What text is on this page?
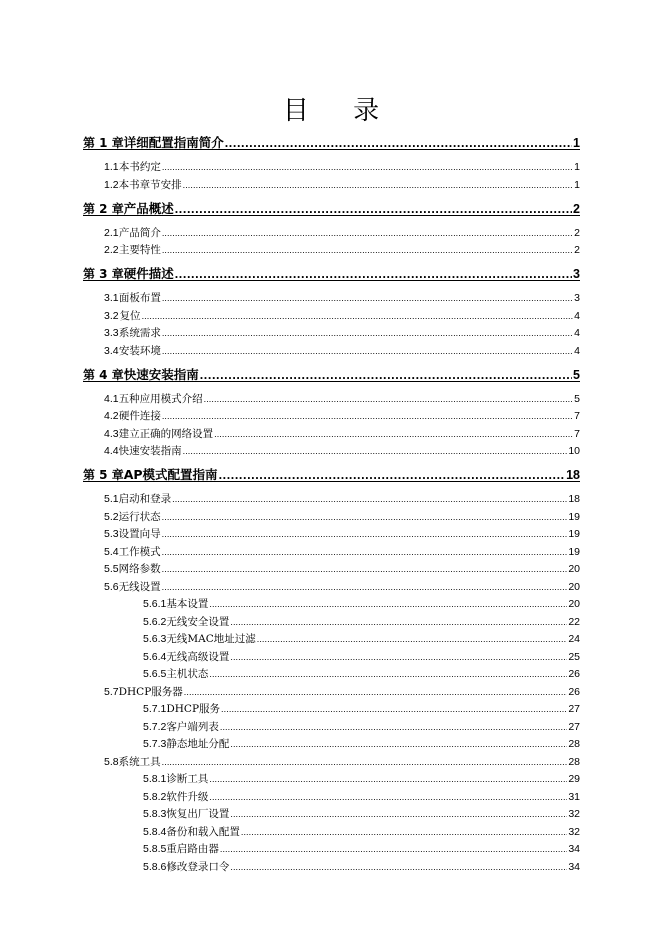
目 录
第 1 章 详细配置指南简介 .....	1
1.1 本书约定 .....	1
1.2 本书章节安排 .....	1
第 2 章 产品概述 .....	2
2.1 产品简介 .....	2
2.2 主要特性 .....	2
第 3 章 硬件描述 .....	3
3.1 面板布置 .....	3
3.2 复位 .....	4
3.3 系统需求 .....	4
3.4 安装环境 .....	4
第 4 章 快速安装指南 .....	5
4.1 五种应用模式介绍 .....	5
4.2 硬件连接 .....	7
4.3 建立正确的网络设置 .....	7
4.4 快速安装指南 .....	10
第 5 章 AP模式配置指南 .....	18
5.1 启动和登录 .....	18
5.2 运行状态 .....	19
5.3 设置向导 .....	19
5.4 工作模式 .....	19
5.5 网络参数 .....	20
5.6 无线设置 .....	20
5.6.1 基本设置 .....	20
5.6.2 无线安全设置 .....	22
5.6.3 无线MAC地址过滤 .....	24
5.6.4 无线高级设置 .....	25
5.6.5 主机状态 .....	26
5.7 DHCP服务器 .....	26
5.7.1 DHCP服务 .....	27
5.7.2 客户端列表 .....	27
5.7.3 静态地址分配 .....	28
5.8 系统工具 .....	28
5.8.1 诊断工具 .....	29
5.8.2 软件升级 .....	31
5.8.3 恢复出厂设置 .....	32
5.8.4 备份和载入配置 .....	32
5.8.5 重启路由器 .....	34
5.8.6 修改登录口令 .....	34
